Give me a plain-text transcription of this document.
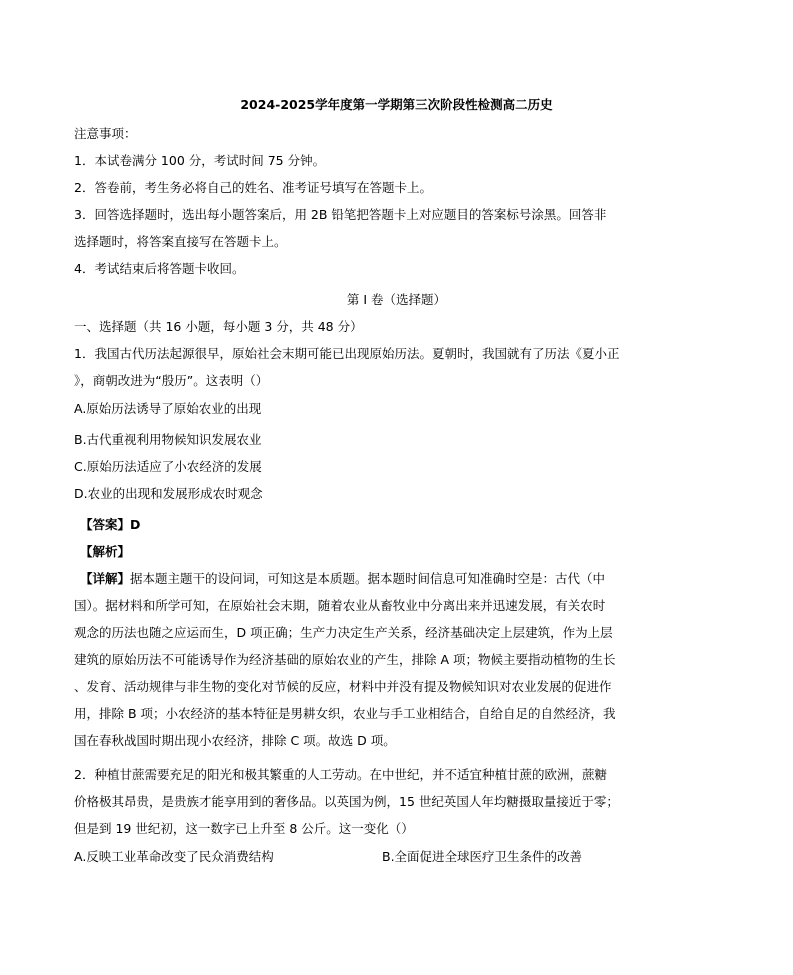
2024-2025学年度第一学期第三次阶段性检测高二历史
注意事项：
1．本试卷满分 100 分，考试时间 75 分钟。
2．答卷前，考生务必将自己的姓名、准考证号填写在答题卡上。
3．回答选择题时，选出每小题答案后，用 2B 铅笔把答题卡上对应题目的答案标号涂黑。回答非
选择题时，将答案直接写在答题卡上。
4．考试结束后将答题卡收回。
第 I 卷（选择题）
一、选择题（共 16 小题，每小题 3 分，共 48 分）
1．我国古代历法起源很早，原始社会末期可能已出现原始历法。夏朝时，我国就有了历法《夏小正
》，商朝改进为“殷历”。这表明（）
A.原始历法诱导了原始农业的出现
B.古代重视利用物候知识发展农业
C.原始历法适应了小农经济的发展
D.农业的出现和发展形成农时观念
【答案】D
【解析】
【详解】据本题主题干的设问词，可知这是本质题。据本题时间信息可知准确时空是：古代（中
国）。据材料和所学可知，在原始社会末期，随着农业从畜牧业中分离出来并迅速发展，有关农时
观念的历法也随之应运而生，D 项正确；生产力决定生产关系，经济基础决定上层建筑，作为上层
建筑的原始历法不可能诱导作为经济基础的原始农业的产生，排除 A 项；物候主要指动植物的生长
、发育、活动规律与非生物的变化对节候的反应，材料中并没有提及物候知识对农业发展的促进作
用，排除 B 项；小农经济的基本特征是男耕女织，农业与手工业相结合，自给自足的自然经济，我
国在春秋战国时期出现小农经济，排除 C 项。故选 D 项。
2．种植甘蔗需要充足的阳光和极其繁重的人工劳动。在中世纪，并不适宜种植甘蔗的欧洲，蔗糖
价格极其昂贵，是贵族才能享用到的奢侈品。以英国为例，15 世纪英国人年均糖摄取量接近于零；
但是到 19 世纪初，这一数字已上升至 8 公斤。这一变化（）
A.反映工业革命改变了民众消费结构	B.全面促进全球医疗卫生条件的改善
